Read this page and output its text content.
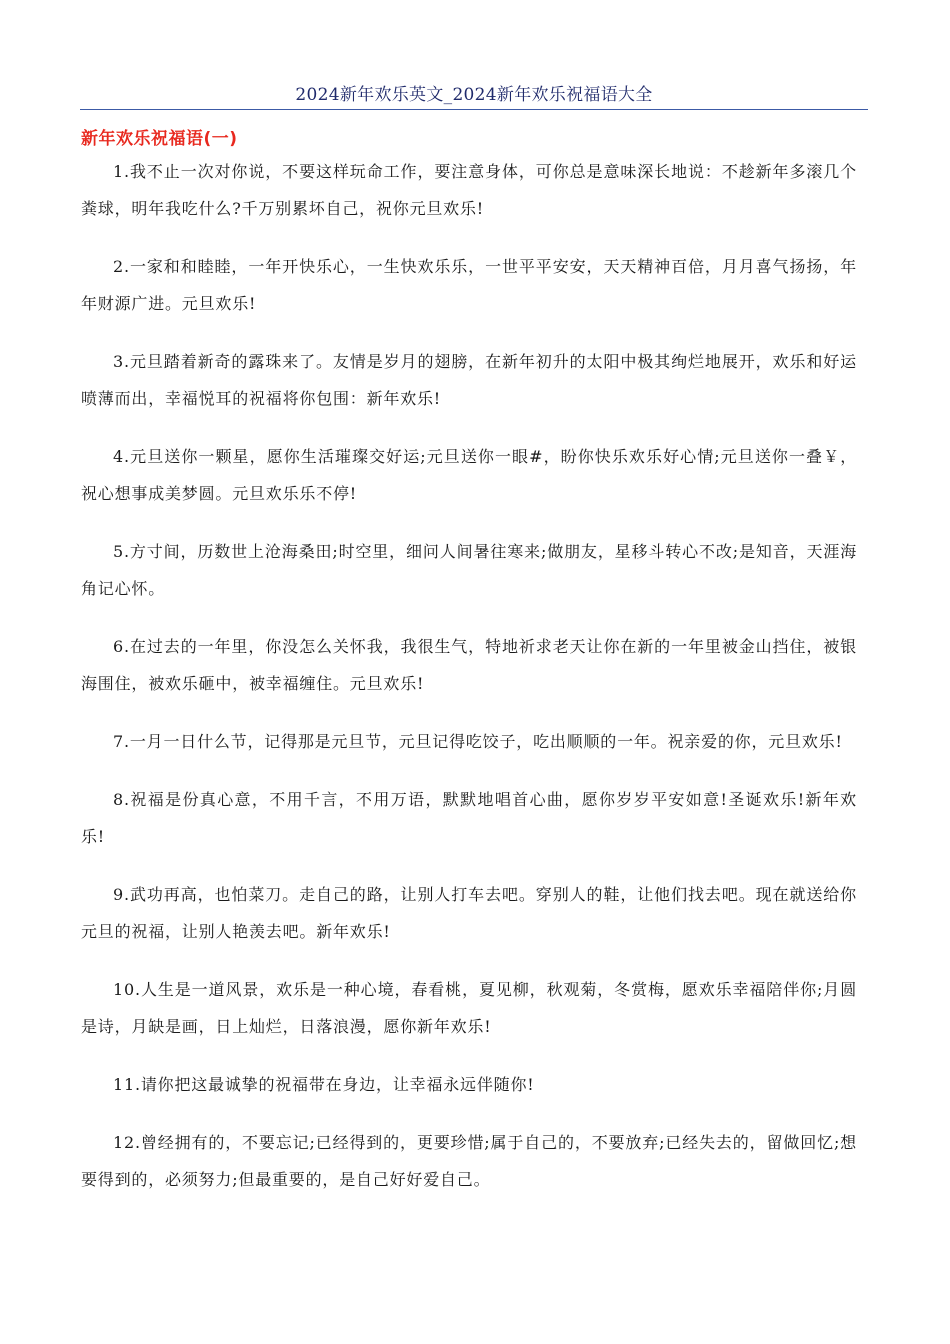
2024新年欢乐英文_2024新年欢乐祝福语大全
新年欢乐祝福语(一)

1.我不止一次对你说，不要这样玩命工作，要注意身体，可你总是意味深长地说：不趁新年多滚几个粪球，明年我吃什么?千万别累坏自己，祝你元旦欢乐!

2.一家和和睦睦，一年开快乐心，一生快欢乐乐，一世平平安安，天天精神百倍，月月喜气扬扬，年年财源广进。元旦欢乐!

3.元旦踏着新奇的露珠来了。友情是岁月的翅膀，在新年初升的太阳中极其绚烂地展开，欢乐和好运喷薄而出，幸福悦耳的祝福将你包围：新年欢乐!

4.元旦送你一颗星，愿你生活璀璨交好运;元旦送你一眼#，盼你快乐欢乐好心情;元旦送你一叠￥，祝心想事成美梦圆。元旦欢乐乐不停!

5.方寸间，历数世上沧海桑田;时空里，细问人间暑往寒来;做朋友，星移斗转心不改;是知音，天涯海角记心怀。

6.在过去的一年里，你没怎么关怀我，我很生气，特地祈求老天让你在新的一年里被金山挡住，被银海围住，被欢乐砸中，被幸福缠住。元旦欢乐!

7.一月一日什么节，记得那是元旦节，元旦记得吃饺子，吃出顺顺的一年。祝亲爱的你，元旦欢乐!

8.祝福是份真心意，不用千言，不用万语，默默地唱首心曲，愿你岁岁平安如意!圣诞欢乐!新年欢乐!

9.武功再高，也怕菜刀。走自己的路，让别人打车去吧。穿别人的鞋，让他们找去吧。现在就送给你元旦的祝福，让别人艳羡去吧。新年欢乐!

10.人生是一道风景，欢乐是一种心境，春看桃，夏见柳，秋观菊，冬赏梅，愿欢乐幸福陪伴你;月圆是诗，月缺是画，日上灿烂，日落浪漫，愿你新年欢乐!

11.请你把这最诚挚的祝福带在身边，让幸福永远伴随你!

12.曾经拥有的，不要忘记;已经得到的，更要珍惜;属于自己的，不要放弃;已经失去的，留做回忆;想要得到的，必须努力;但最重要的，是自己好好爱自己。
